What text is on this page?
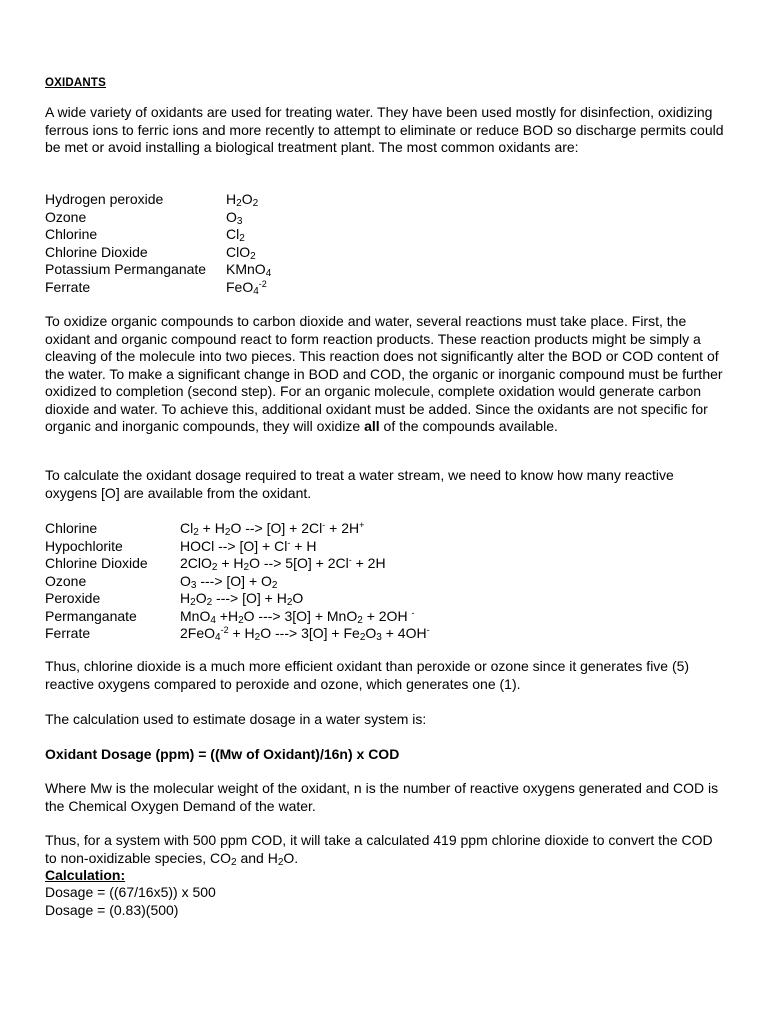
OXIDANTS

A wide variety of oxidants are used for treating water. They have been used mostly for disinfection, oxidizing ferrous ions to ferric ions and more recently to attempt to eliminate or reduce BOD so discharge permits could be met or avoid installing a biological treatment plant. The most common oxidants are:

Hydrogen peroxide	$H_2O_2$
Ozone	$O_3$
Chlorine	$Cl_2$
Chlorine Dioxide	ClO$_2$
Potassium Permanganate	KMnO$_4$
Ferrate	FeO$_4^{-2}$

To oxidize organic compounds to carbon dioxide and water, several reactions must take place. First, the oxidant and organic compound react to form reaction products. These reaction products might be simply a cleaving of the molecule into two pieces. This reaction does not significantly alter the BOD or COD content of the water. To make a significant change in BOD and COD, the organic or inorganic compound must be further oxidized to completion (second step). For an organic molecule, complete oxidation would generate carbon dioxide and water. To achieve this, additional oxidant must be added. Since the oxidants are not specific for organic and inorganic compounds, they will oxidize all of the compounds available.

To calculate the oxidant dosage required to treat a water stream, we need to know how many reactive oxygens [O] are available from the oxidant.

Chlorine	$Cl_2 + H_2O$ --> [O] + 2Cl- + 2H+
Hypochlorite	HOCl --> [O] + Cl- + H
Chlorine Dioxide	$2ClO_2 + H_2O$ --> 5[O] + 2Cl- + 2H
Ozone	$O_3$ ---> $[O] + O_2$
Peroxide	$H_2O_2$ ---> $[O] + H_2O$
Permanganate	$MnO_4 +H_2O$ ---> 3[O] + MnO$_2$ + 2OH -
Ferrate	$2FeO_4^{-2} + H_2O$ ---> $3[O] + Fe_2O_3 + 4OH^-$

Thus, chlorine dioxide is a much more efficient oxidant than peroxide or ozone since it generates five (5) reactive oxygens compared to peroxide and ozone, which generates one (1).

The calculation used to estimate dosage in a water system is:

Oxidant Dosage (ppm) = ((Mw of Oxidant)/16n) x COD

Where Mw is the molecular weight of the oxidant, n is the number of reactive oxygens generated and COD is the Chemical Oxygen Demand of the water.

Thus, for a system with 500 ppm COD, it will take a calculated 419 ppm chlorine dioxide to convert the COD to non-oxidizable species, $CO_2$ and $H_2O$.

Calculation:
Dosage = ((67/16x5)) x 500
Dosage = (0.83)(500)
